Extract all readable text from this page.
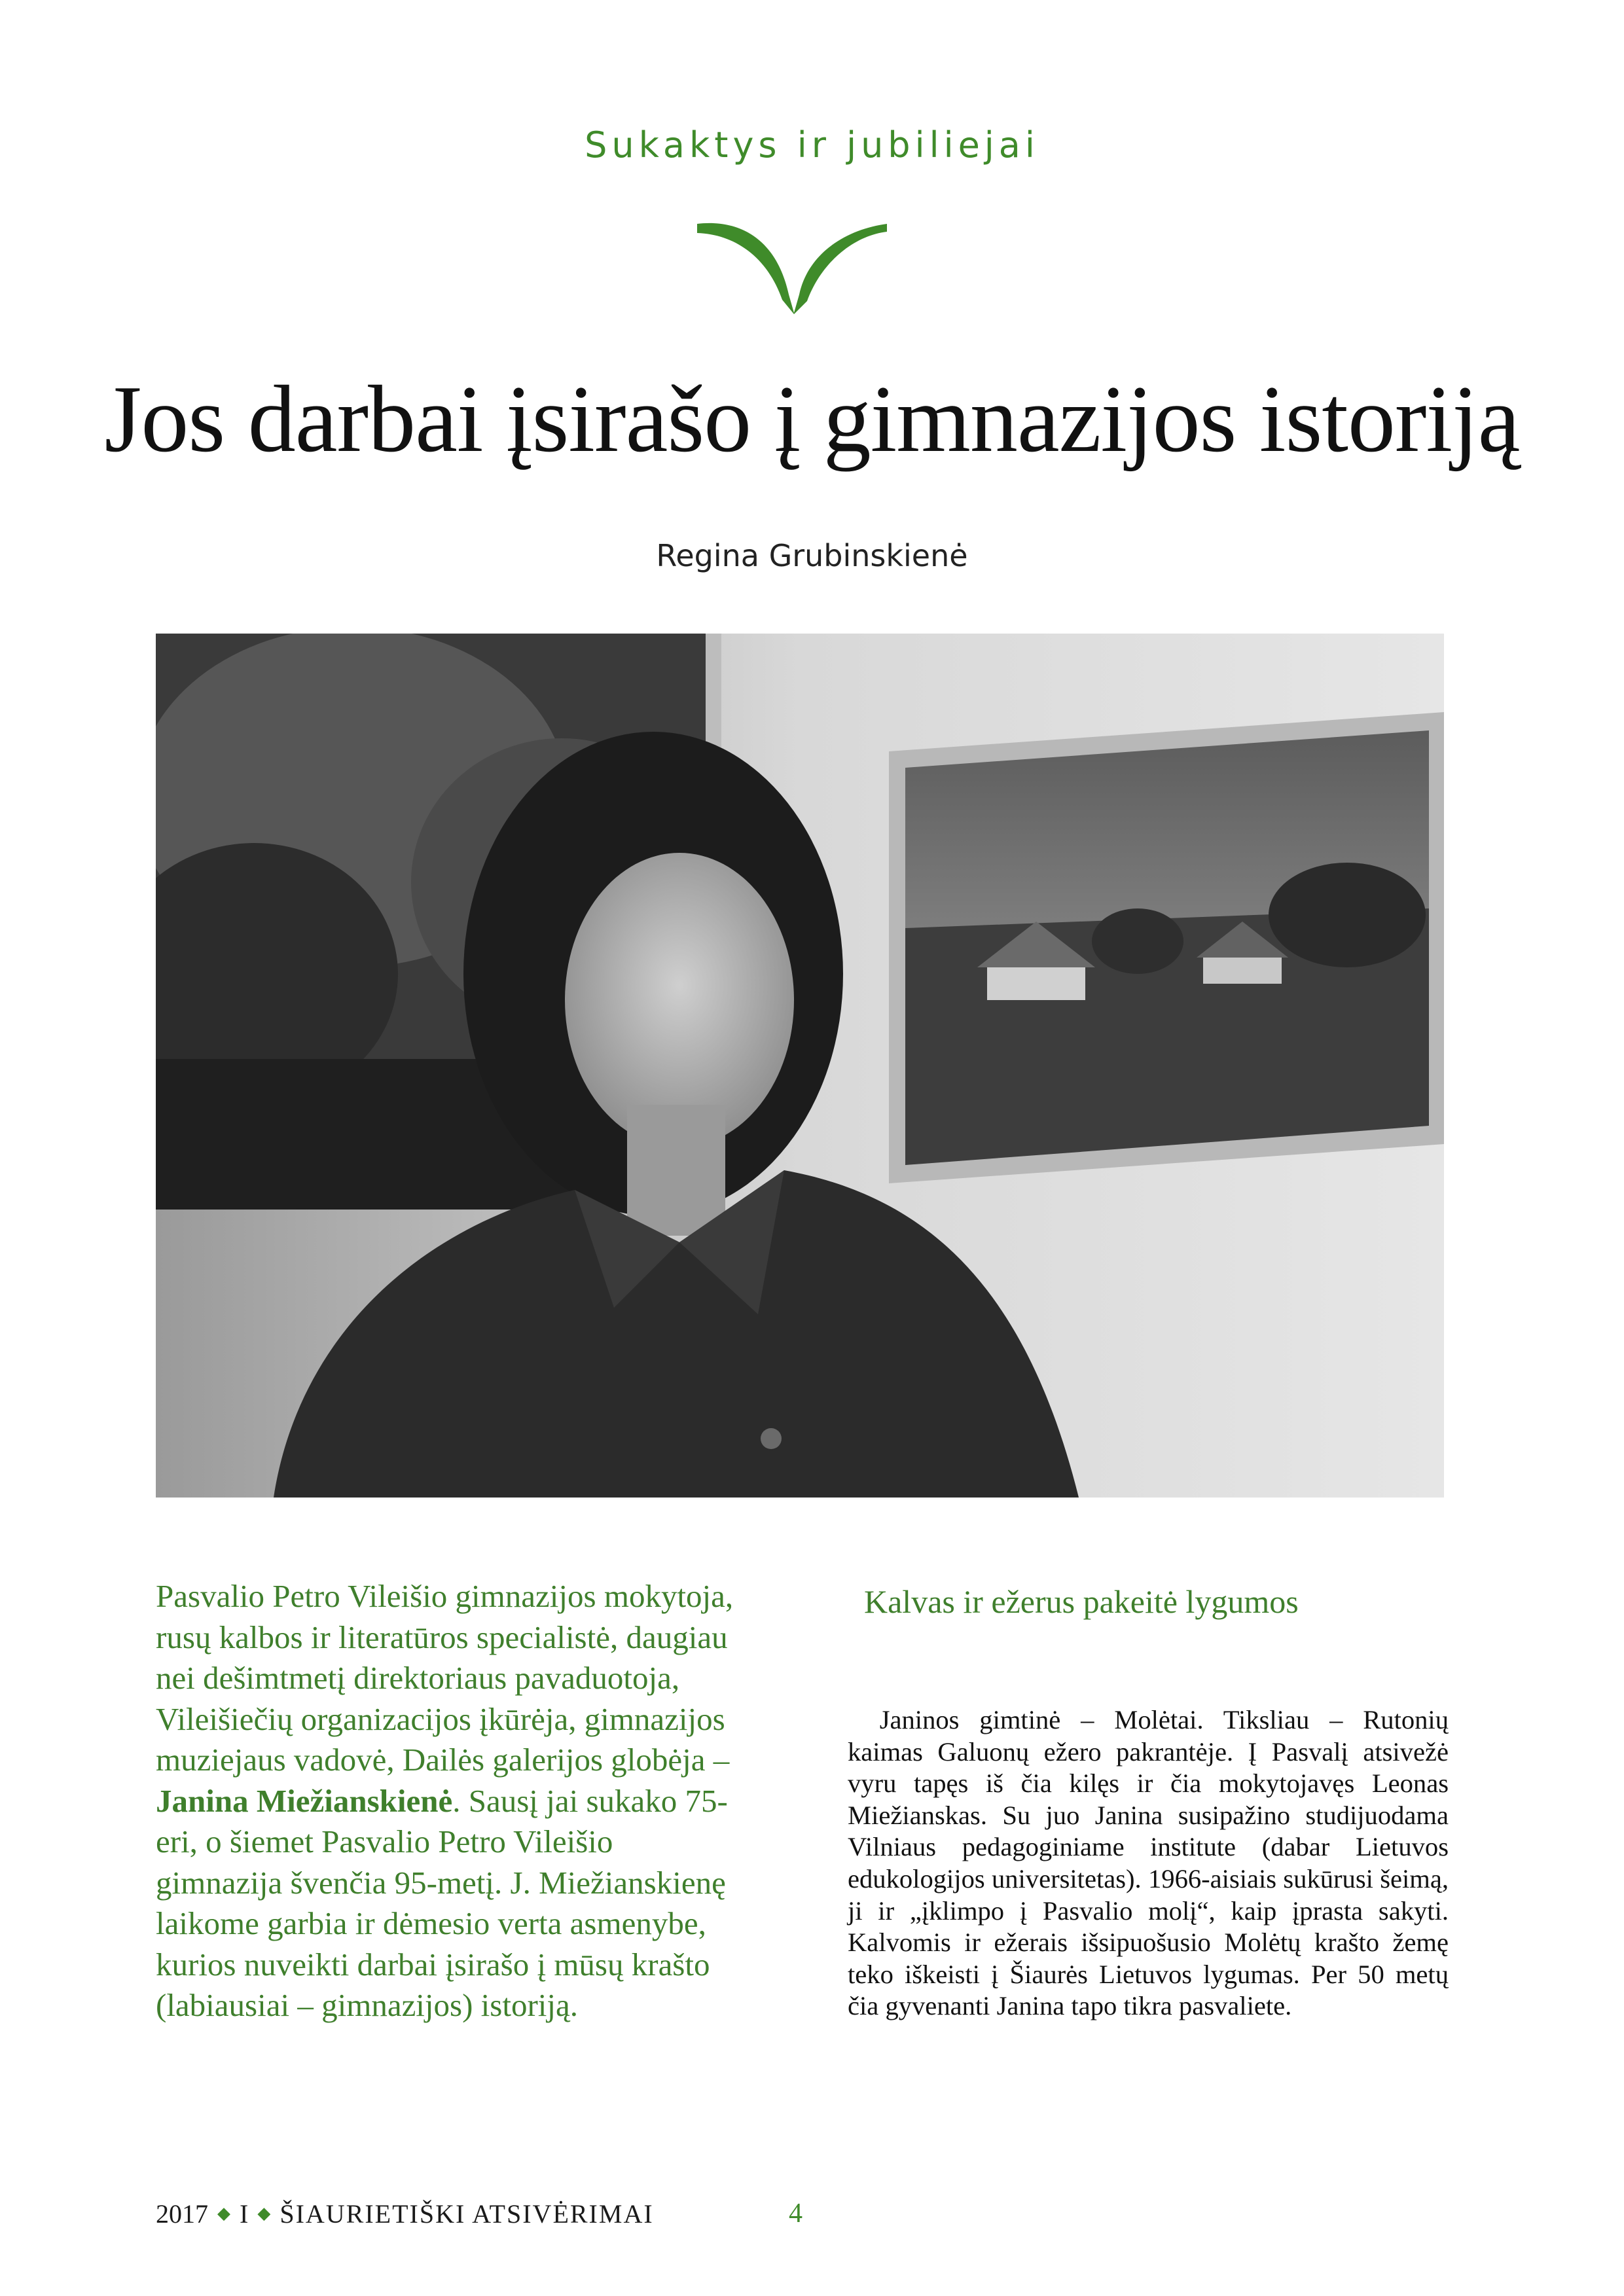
Sukaktys ir jubiliejai
Jos darbai įsirašo į gimnazijos istoriją
Regina Grubinskienė
Pasvalio Petro Vileišio gimnazijos mokytoja, rusų kalbos ir literatūros specialistė, daugiau nei dešimtmetį direktoriaus pavaduotoja, Vileišiečių organizacijos įkūrėja, gimnazijos muziejaus vadovė, Dailės galerijos globėja – Janina Miežianskienė. Sausį jai sukako 75-eri, o šiemet Pasvalio Petro Vileišio gimnazija švenčia 95-metį. J. Miežianskienę laikome garbia ir dėmesio verta asmenybe, kurios nuveikti darbai įsirašo į mūsų krašto (labiausiai – gimnazijos) istoriją.
Kalvas ir ežerus pakeitė lygumos
Janinos gimtinė – Molėtai. Tiksliau – Rutonių kaimas Galuonų ežero pakrantėje. Į Pasvalį atsivežė vyru tapęs iš čia kilęs ir čia mokytojavęs Leonas Miežianskas. Su juo Janina susipažino studijuodama Vilniaus pedagoginiame institute (dabar Lietuvos edukologijos universitetas). 1966-aisiais sukūrusi šeimą, ji ir „įklimpo į Pasvalio molį“, kaip įprasta sakyti. Kalvomis ir ežerais išsipuošusio Molėtų krašto žemę teko iškeisti į Šiaurės Lietuvos lygumas. Per 50 metų čia gyvenanti Janina tapo tikra pasvaliete.
2017 ◆ I ◆ ŠIAURIETIŠKI ATSIVĖRIMAI	4
